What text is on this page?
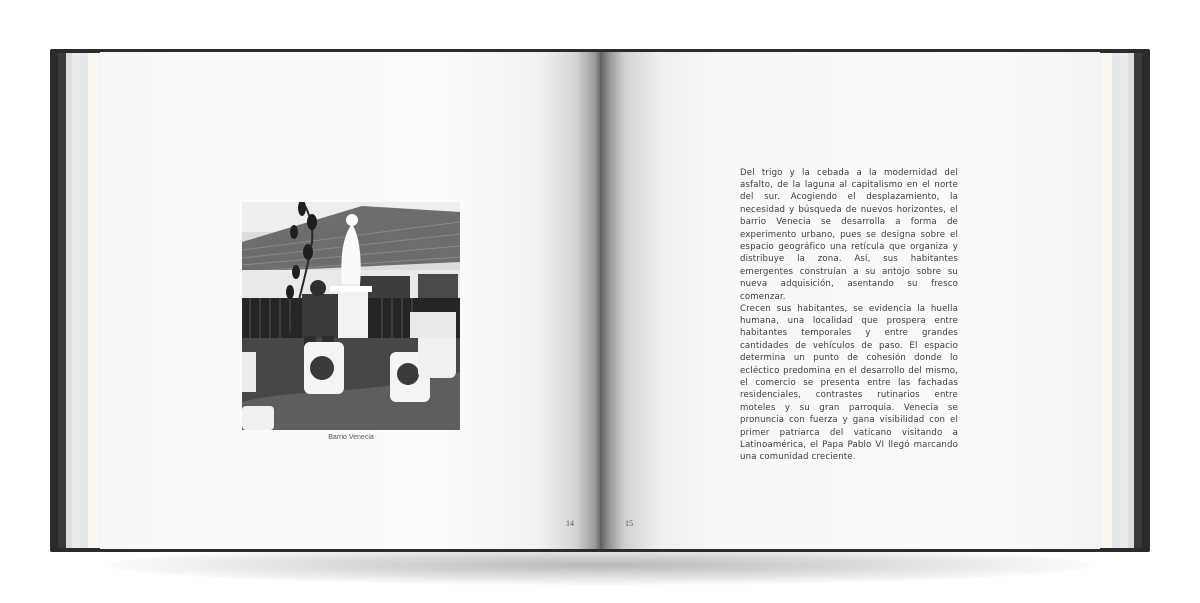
Barrio Venecia
14

Del trigo y la cebada a la modernidad del asfalto, de la laguna al capitalismo en el norte del sur. Acogiendo el desplazamiento, la necesidad y búsqueda de nuevos horizontes, el barrio Venecia se desarrolla a forma de experimento urbano, pues se designa sobre el espacio geográfico una retícula que organiza y distribuye la zona. Así, sus habitantes emergentes construían a su antojo sobre su nueva adquisición, asentando su fresco comenzar.

Crecen sus habitantes, se evidencia la huella humana, una localidad que prospera entre habitantes temporales y entre grandes cantidades de vehículos de paso. El espacio determina un punto de cohesión donde lo ecléctico predomina en el desarrollo del mismo, el comercio se presenta entre las fachadas residenciales, contrastes rutinarios entre moteles y su gran parroquia. Venecia se pronuncia con fuerza y gana visibilidad con el primer patriarca del vaticano visitando a Latinoamérica, el Papa Pablo VI llegó marcando una comunidad creciente.

15
